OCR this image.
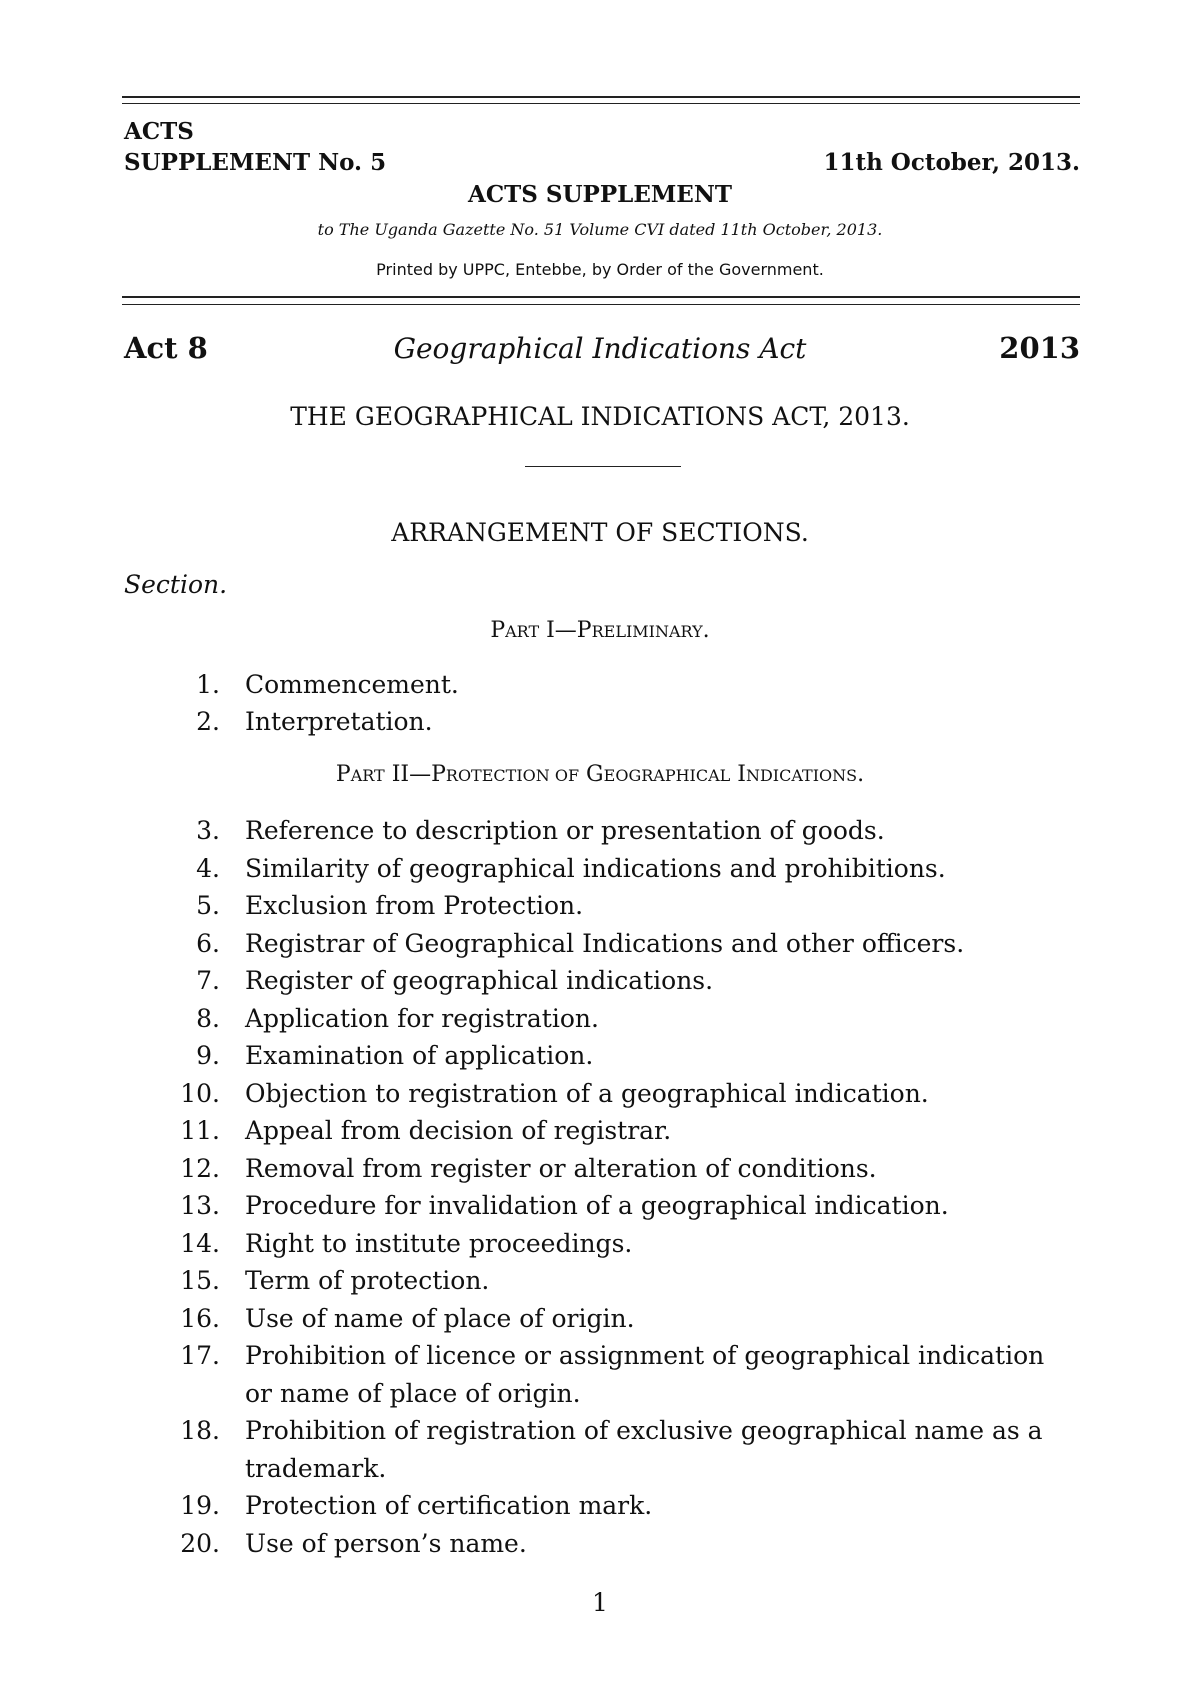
ACTS
SUPPLEMENT No. 5	11th October, 2013.
ACTS SUPPLEMENT
to The Uganda Gazette No. 51 Volume CVI dated 11th October, 2013.
Printed by UPPC, Entebbe, by Order of the Government.
Act 8	Geographical Indications Act	2013
THE GEOGRAPHICAL INDICATIONS ACT, 2013.
ARRANGEMENT OF SECTIONS.
Section.
PART I—PRELIMINARY.
1. Commencement.
2. Interpretation.
PART II—PROTECTION OF GEOGRAPHICAL INDICATIONS.
3. Reference to description or presentation of goods.
4. Similarity of geographical indications and prohibitions.
5. Exclusion from Protection.
6. Registrar of Geographical Indications and other officers.
7. Register of geographical indications.
8. Application for registration.
9. Examination of application.
10. Objection to registration of a geographical indication.
11. Appeal from decision of registrar.
12. Removal from register or alteration of conditions.
13. Procedure for invalidation of a geographical indication.
14. Right to institute proceedings.
15. Term of protection.
16. Use of name of place of origin.
17. Prohibition of licence or assignment of geographical indication or name of place of origin.
18. Prohibition of registration of exclusive geographical name as a trademark.
19. Protection of certification mark.
20. Use of person’s name.
1
